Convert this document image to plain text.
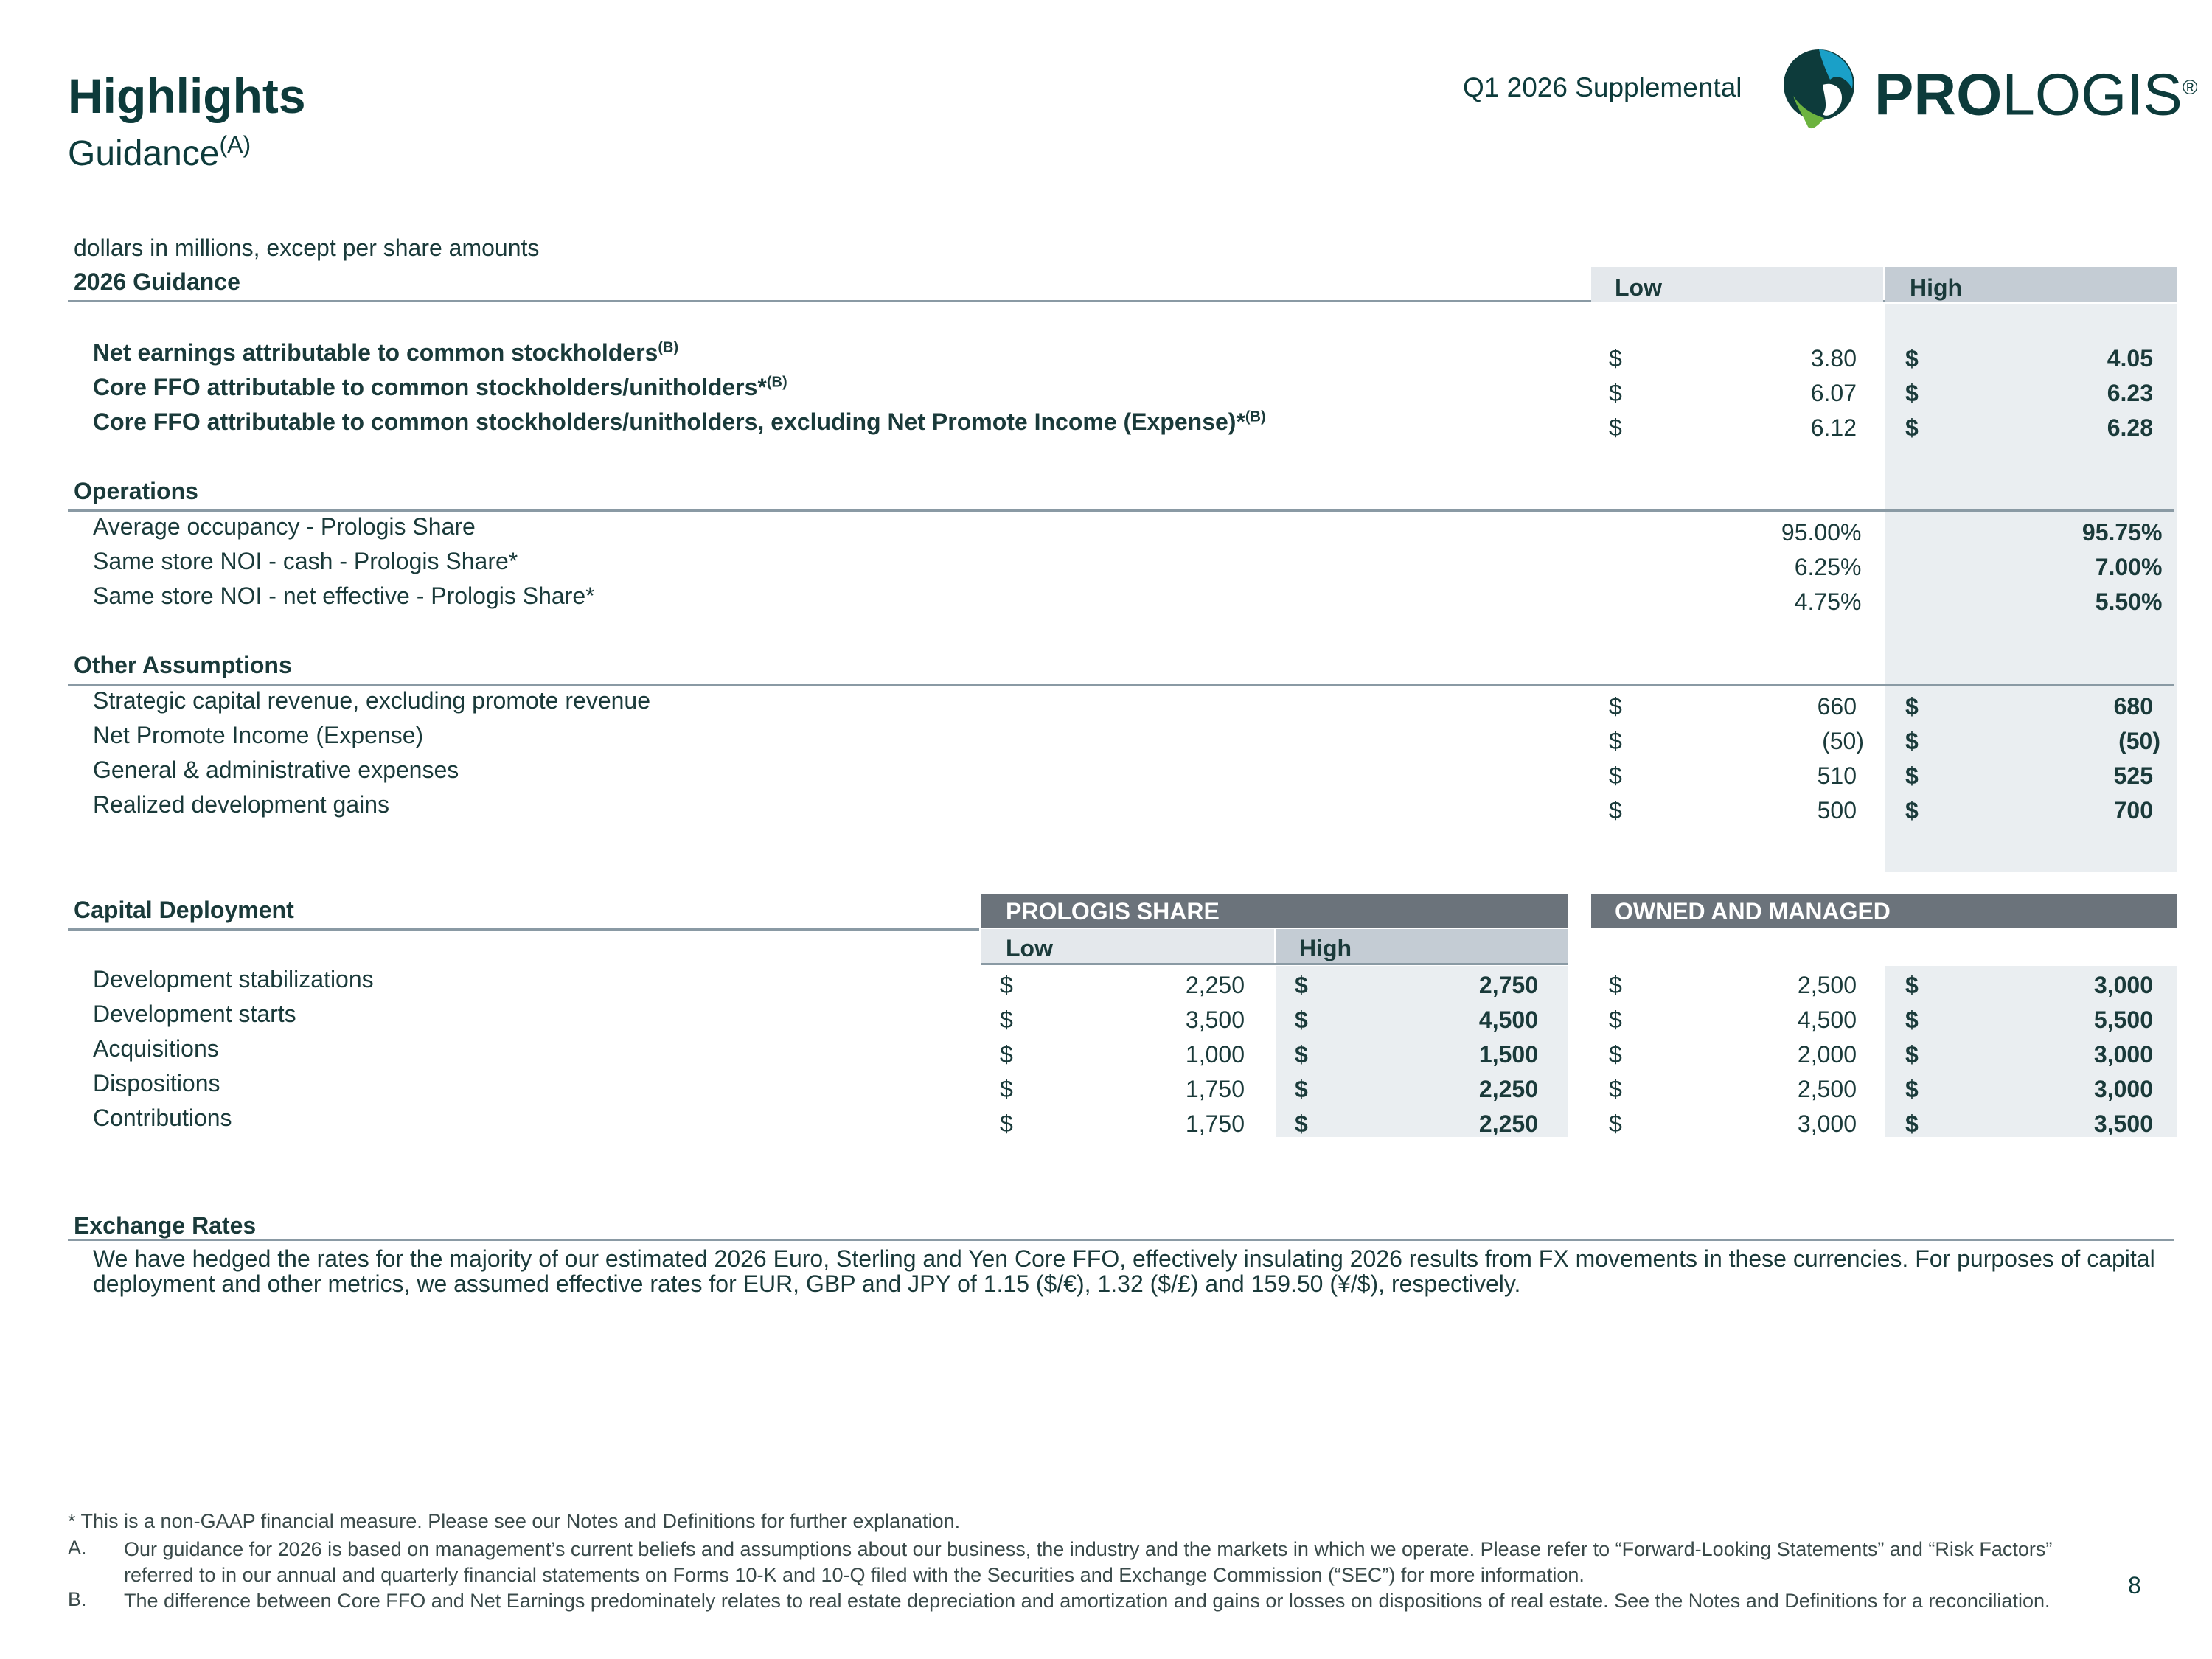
Highlights
Guidance$^{(A)}$
Q1 2026 Supplemental PROLOGIS®
dollars in millions, except per share amounts
2026 Guidance	Low	High
Net earnings attributable to common stockholders$^{(B)}$	$	3.80 $	4.05
Core FFO attributable to common stockholders/unitholders*$^{(B)}$	$	6.07 $	6.23
Core FFO attributable to common stockholders/unitholders, excluding Net Promote Income (Expense)*$^{(B)}$	$	6.12 $	6.28
Operations
Average occupancy - Prologis Share	95.00 %	95.75 %
Same store NOI - cash - Prologis Share*	6.25 %	7.00 %
Same store NOI - net effective - Prologis Share*	4.75 %	5.50 %
Other Assumptions
Strategic capital revenue, excluding promote revenue	$	660 $	680
Net Promote Income (Expense)	$	(50) $	(50)
General & administrative expenses	$	510 $	525
Realized development gains	$	500 $	700
Capital Deployment	PROLOGIS SHARE	OWNED AND MANAGED
Low	High
Development stabilizations	$	2,250 $	2,750	$	2,500 $	3,000
Development starts	$	3,500 $	4,500	$	4,500 $	5,500
Acquisitions	$	1,000 $	1,500	$	2,000 $	3,000
Dispositions	$	1,750 $	2,250	$	2,500 $	3,000
Contributions	$	1,750 $	2,250	$	3,000 $	3,500
Exchange Rates
We have hedged the rates for the majority of our estimated 2026 Euro, Sterling and Yen Core FFO, effectively insulating 2026 results from FX movements in these currencies. For purposes of capital deployment and other metrics, we assumed effective rates for EUR, GBP and JPY of 1.15 ($/€), 1.32 ($/£) and 159.50 (¥/$), respectively.
* This is a non-GAAP financial measure. Please see our Notes and Definitions for further explanation.
A. Our guidance for 2026 is based on management’s current beliefs and assumptions about our business, the industry and the markets in which we operate. Please refer to “Forward-Looking Statements” and “Risk Factors” referred to in our annual and quarterly financial statements on Forms 10-K and 10-Q filed with the Securities and Exchange Commission (“SEC”) for more information.
B. The difference between Core FFO and Net Earnings predominately relates to real estate depreciation and amortization and gains or losses on dispositions of real estate. See the Notes and Definitions for a reconciliation.
8
